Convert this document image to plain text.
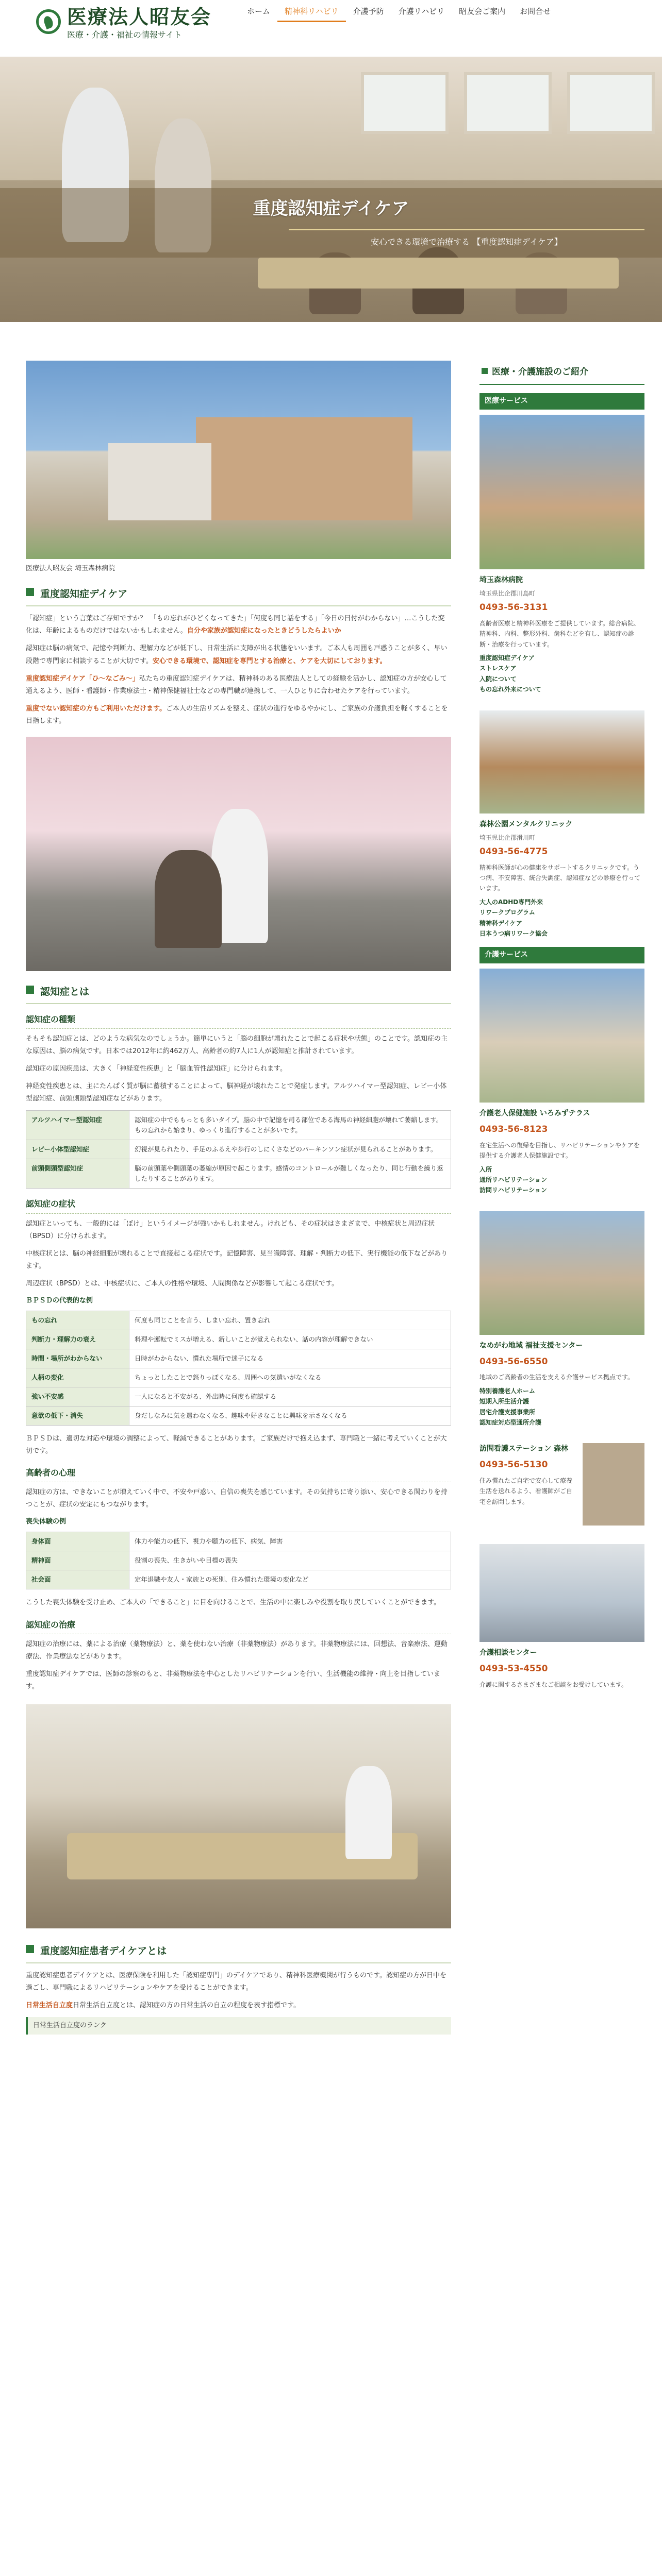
医療法人昭友会
医療・介護・福祉の情報サイト
ホーム	精神科リハビリ	介護予防	介護リハビリ	昭友会ご案内	お問合せ
重度認知症デイケア
安心できる環境で治療する 【重度認知症デイケア】
医療法人昭友会 埼玉森林病院
重度認知症デイケア

「認知症」という言葉はご存知ですか？　「もの忘れがひどくなってきた」「何度も同じ話をする」「今日の日付がわからない」…こうした変化は、年齢によるものだけではないかもしれません。自分や家族が認知症になったときどうしたらよいか

認知症は脳の病気で、記憶や判断力、理解力などが低下し、日常生活に支障が出る状態をいいます。ご本人も周囲も戸惑うことが多く、早い段階で専門家に相談することが大切です。安心できる環境で、認知症を専門とする治療と、ケアを大切にしております。

重度認知症デイケア「ひ～なごみ～」私たちの重度認知症デイケアは、精神科のある医療法人としての経験を活かし、認知症の方が安心して通えるよう、医師・看護師・作業療法士・精神保健福祉士などの専門職が連携して、一人ひとりに合わせたケアを行っています。

重度でない認知症の方もご利用いただけます。ご本人の生活リズムを整え、症状の進行をゆるやかにし、ご家族の介護負担を軽くすることを目指します。

認知症とは
認知症の種類

そもそも認知症とは、どのような病気なのでしょうか。簡単にいうと「脳の細胞が壊れたことで起こる症状や状態」のことです。認知症の主な原因は、脳の病気です。日本では2012年に約462万人、高齢者の約7人に1人が認知症と推計されています。

認知症の原因疾患は、大きく「神経変性疾患」と「脳血管性認知症」に分けられます。

神経変性疾患とは、主にたんぱく質が脳に蓄積することによって、脳神経が壊れたことで発症します。アルツハイマー型認知症、レビー小体型認知症、前頭側頭型認知症などがあります。

アルツハイマー型認知症	認知症の中でももっとも多いタイプ。脳の中で記憶を司る部位である海馬の神経細胞が壊れて萎縮します。もの忘れから始まり、ゆっくり進行することが多いです。
レビー小体型認知症	幻視が見られたり、手足のふるえや歩行のしにくさなどのパーキンソン症状が見られることがあります。
前頭側頭型認知症	脳の前頭葉や側頭葉の萎縮が原因で起こります。感情のコントロールが難しくなったり、同じ行動を繰り返したりすることがあります。
認知症の症状

認知症といっても、一般的には「ぼけ」というイメージが強いかもしれません。けれども、その症状はさまざまで、中核症状と周辺症状（BPSD）に分けられます。

中核症状とは、脳の神経細胞が壊れることで直接起こる症状です。記憶障害、見当識障害、理解・判断力の低下、実行機能の低下などがあります。

周辺症状（BPSD）とは、中核症状に、ご本人の性格や環境、人間関係などが影響して起こる症状です。

ＢＰＳＤの代表的な例
もの忘れ	何度も同じことを言う、しまい忘れ、置き忘れ
判断力・理解力の衰え	料理や運転でミスが増える、新しいことが覚えられない、話の内容が理解できない
時間・場所がわからない	日時がわからない、慣れた場所で迷子になる
人柄の変化	ちょっとしたことで怒りっぽくなる、周囲への気遣いがなくなる
強い不安感	一人になると不安がる、外出時に何度も確認する
意欲の低下・消失	身だしなみに気を遣わなくなる、趣味や好きなことに興味を示さなくなる

ＢＰＳＤは、適切な対応や環境の調整によって、軽減できることがあります。ご家族だけで抱え込まず、専門職と一緒に考えていくことが大切です。

高齢者の心理

認知症の方は、できないことが増えていく中で、不安や戸惑い、自信の喪失を感じています。その気持ちに寄り添い、安心できる関わりを持つことが、症状の安定にもつながります。

喪失体験の例
身体面	体力や能力の低下、視力や聴力の低下、病気、障害
精神面	役割の喪失、生きがいや目標の喪失
社会面	定年退職や友人・家族との死別、住み慣れた環境の変化など

こうした喪失体験を受け止め、ご本人の「できること」に目を向けることで、生活の中に楽しみや役割を取り戻していくことができます。

認知症の治療

認知症の治療には、薬による治療（薬物療法）と、薬を使わない治療（非薬物療法）があります。非薬物療法には、回想法、音楽療法、運動療法、作業療法などがあります。

重度認知症デイケアでは、医師の診察のもと、非薬物療法を中心としたリハビリテーションを行い、生活機能の維持・向上を目指しています。

重度認知症患者デイケアとは

重度認知症患者デイケアとは、医療保険を利用した「認知症専門」のデイケアであり、精神科医療機関が行うものです。認知症の方が日中を過ごし、専門職によるリハビリテーションやケアを受けることができます。

日常生活自立度日常生活自立度とは、認知症の方の日常生活の自立の程度を表す指標です。

日常生活自立度のランク
医療・介護施設のご紹介
医療サービス
埼玉森林病院
埼玉県比企郡川島町
0493-56-3131
高齢者医療と精神科医療をご提供しています。総合病院、精神科、内科、整形外科、歯科などを有し、認知症の診断・治療を行っています。
重度認知症デイケア
ストレスケア
入院について
もの忘れ外来について
森林公園メンタルクリニック
埼玉県比企郡滑川町
0493-56-4775
精神科医師が心の健康をサポートするクリニックです。うつ病、不安障害、統合失調症、認知症などの診療を行っています。
大人のADHD専門外来
リワークプログラム
精神科デイケア
日本うつ病リワーク協会
介護サービス
介護老人保健施設 いろみずテラス
0493-56-8123
在宅生活への復帰を目指し、リハビリテーションやケアを提供する介護老人保健施設です。
入所
通所リハビリテーション
訪問リハビリテーション
なめがわ地域 福祉支援センター
0493-56-6550
地域のご高齢者の生活を支える介護サービス拠点です。
特別養護老人ホーム
短期入所生活介護
居宅介護支援事業所
認知症対応型通所介護
訪問看護ステーション 森林
0493-56-5130
住み慣れたご自宅で安心して療養生活を送れるよう、看護師がご自宅を訪問します。
介護相談センター
0493-53-4550
介護に関するさまざまなご相談をお受けしています。
